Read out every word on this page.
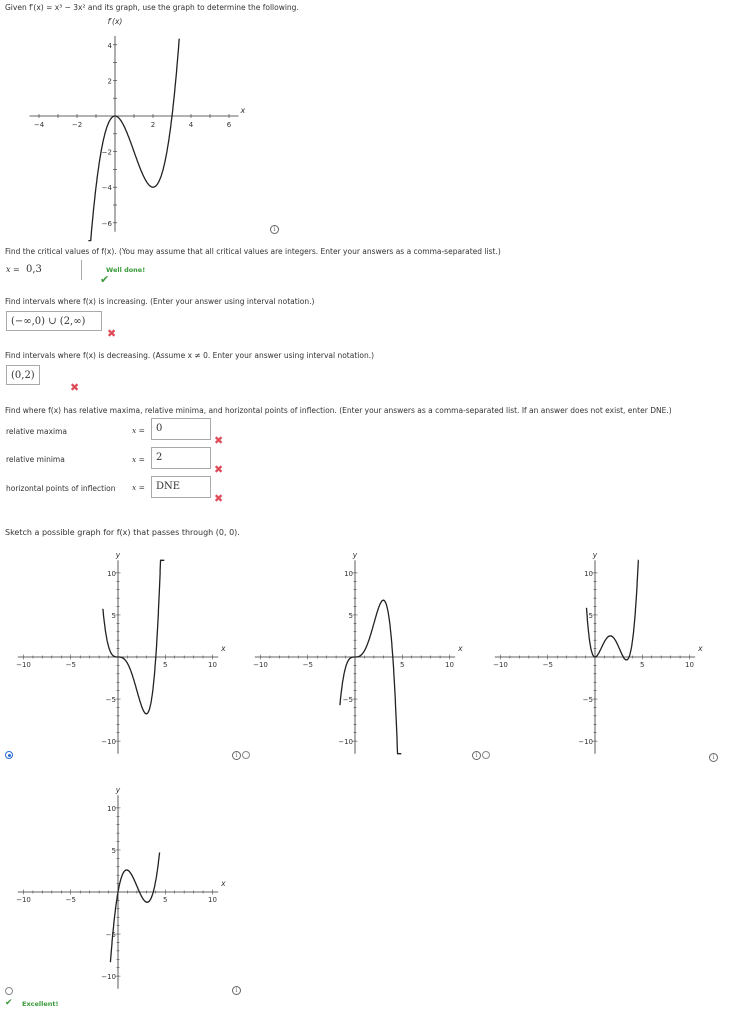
Given f′(x) = x³ − 3x² and its graph, use the graph to determine the following.
−4	−2	2	4	6
4
2
−2
−4
−6
f′(x)
x
i
Find the critical values of f(x). (You may assume that all critical values are integers. Enter your answers as a comma-separated list.)
x = 0,3	Well done!
✔
Find intervals where f(x) is increasing. (Enter your answer using interval notation.)
(−∞,0) ∪ (2,∞)
✖
Find intervals where f(x) is decreasing. (Assume x ≠ 0. Enter your answer using interval notation.)
(0,2)
✖
Find where f(x) has relative maxima, relative minima, and horizontal points of inflection. (Enter your answers as a comma-separated list. If an answer does not exist, enter DNE.)
relative maxima	x =	0
✖
relative minima	x =	2
✖
horizontal points of inflection x =	DNE
✖
Sketch a possible graph for f(x) that passes through (0, 0).
−10	−5	5	10
10
5
−5
−10
y
x
−10	−5	5	10
10
5
−5
−10
y
x
−10	−5	5	10
10
5
−5
−10
y
x
−10	−5	5	10
10
5
−5
−10
y
x
i	i	i
i
✔ Excellent!
